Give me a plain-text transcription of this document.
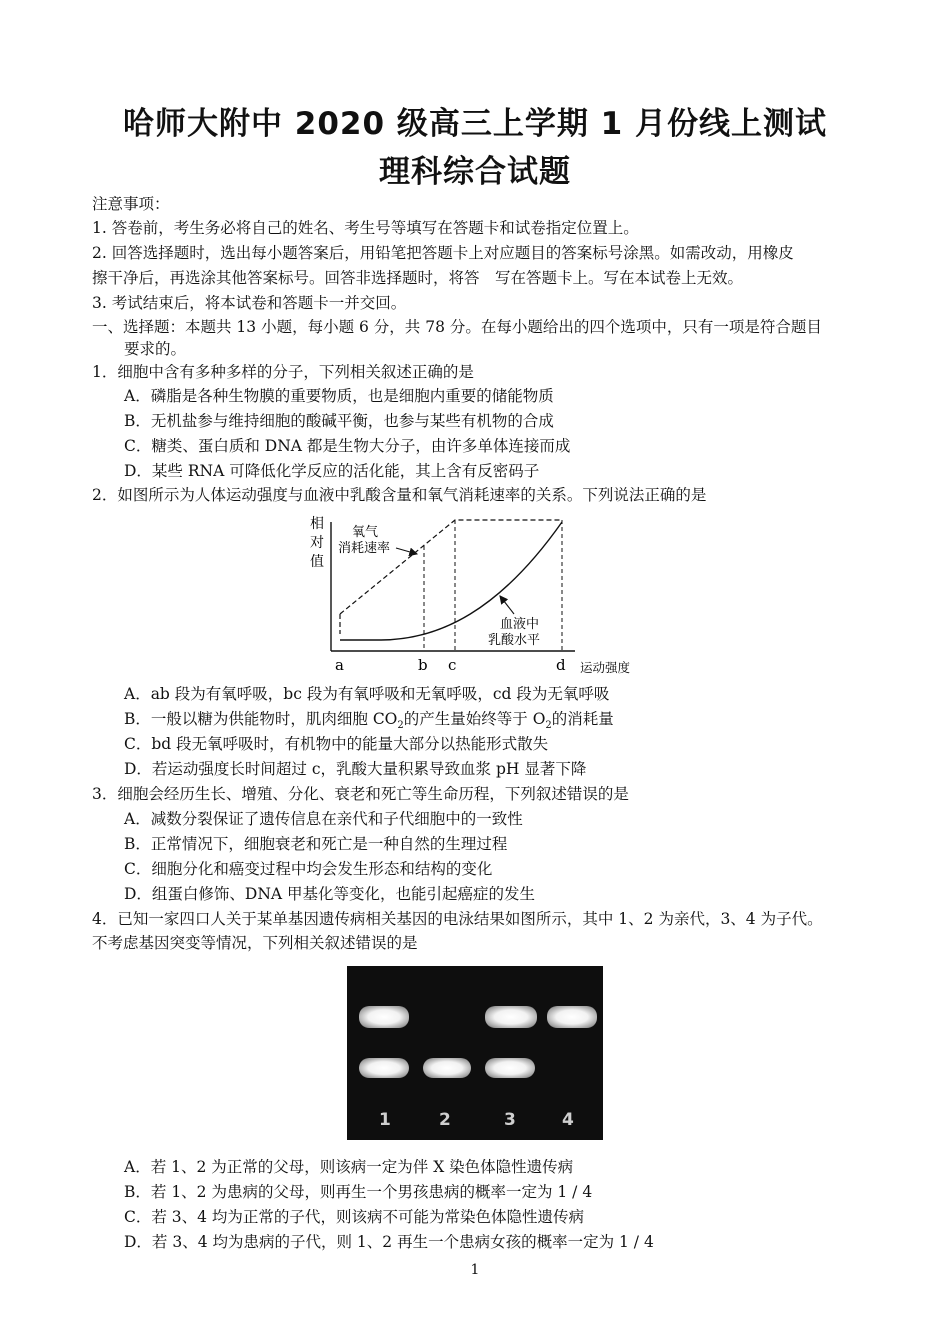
哈师大附中 2020 级高三上学期 1 月份线上测试
理科综合试题
注意事项：
1. 答卷前，考生务必将自己的姓名、考生号等填写在答题卡和试卷指定位置上。
2. 回答选择题时，选出每小题答案后，用铅笔把答题卡上对应题目的答案标号涂黑。如需改动，用橡皮
擦干净后，再选涂其他答案标号。回答非选择题时，将答　写在答题卡上。写在本试卷上无效。
3. 考试结束后，将本试卷和答题卡一并交回。
一、选择题：本题共 13 小题，每小题 6 分，共 78 分。在每小题给出的四个选项中，只有一项是符合题目
要求的。
1．细胞中含有多种多样的分子，下列相关叙述正确的是
A．磷脂是各种生物膜的重要物质，也是细胞内重要的储能物质
B．无机盐参与维持细胞的酸碱平衡，也参与某些有机物的合成
C．糖类、蛋白质和 DNA 都是生物大分子，由许多单体连接而成
D．某些 RNA 可降低化学反应的活化能，其上含有反密码子
2．如图所示为人体运动强度与血液中乳酸含量和氧气消耗速率的关系。下列说法正确的是
相
对
值
氧气
消耗速率
血液中
乳酸水平
a	b c	d 运动强度
A．ab 段为有氧呼吸，bc 段为有氧呼吸和无氧呼吸，cd 段为无氧呼吸
B．一般以糖为供能物时，肌肉细胞 $CO_2$的产生量始终等于 $O_2$的消耗量
C．bd 段无氧呼吸时，有机物中的能量大部分以热能形式散失
D．若运动强度长时间超过 c，乳酸大量积累导致血浆 pH 显著下降
3．细胞会经历生长、增殖、分化、衰老和死亡等生命历程，下列叙述错误的是
A．减数分裂保证了遗传信息在亲代和子代细胞中的一致性
B．正常情况下，细胞衰老和死亡是一种自然的生理过程
C．细胞分化和癌变过程中均会发生形态和结构的变化
D．组蛋白修饰、DNA 甲基化等变化，也能引起癌症的发生
4．已知一家四口人关于某单基因遗传病相关基因的电泳结果如图所示，其中 1、2 为亲代，3、4 为子代。
不考虑基因突变等情况，下列相关叙述错误的是
1	2	3	4
A．若 1、2 为正常的父母，则该病一定为伴 X 染色体隐性遗传病
B．若 1、2 为患病的父母，则再生一个男孩患病的概率一定为 1 / 4
C．若 3、4 均为正常的子代，则该病不可能为常染色体隐性遗传病
D．若 3、4 均为患病的子代，则 1、2 再生一个患病女孩的概率一定为 1 / 4
1
